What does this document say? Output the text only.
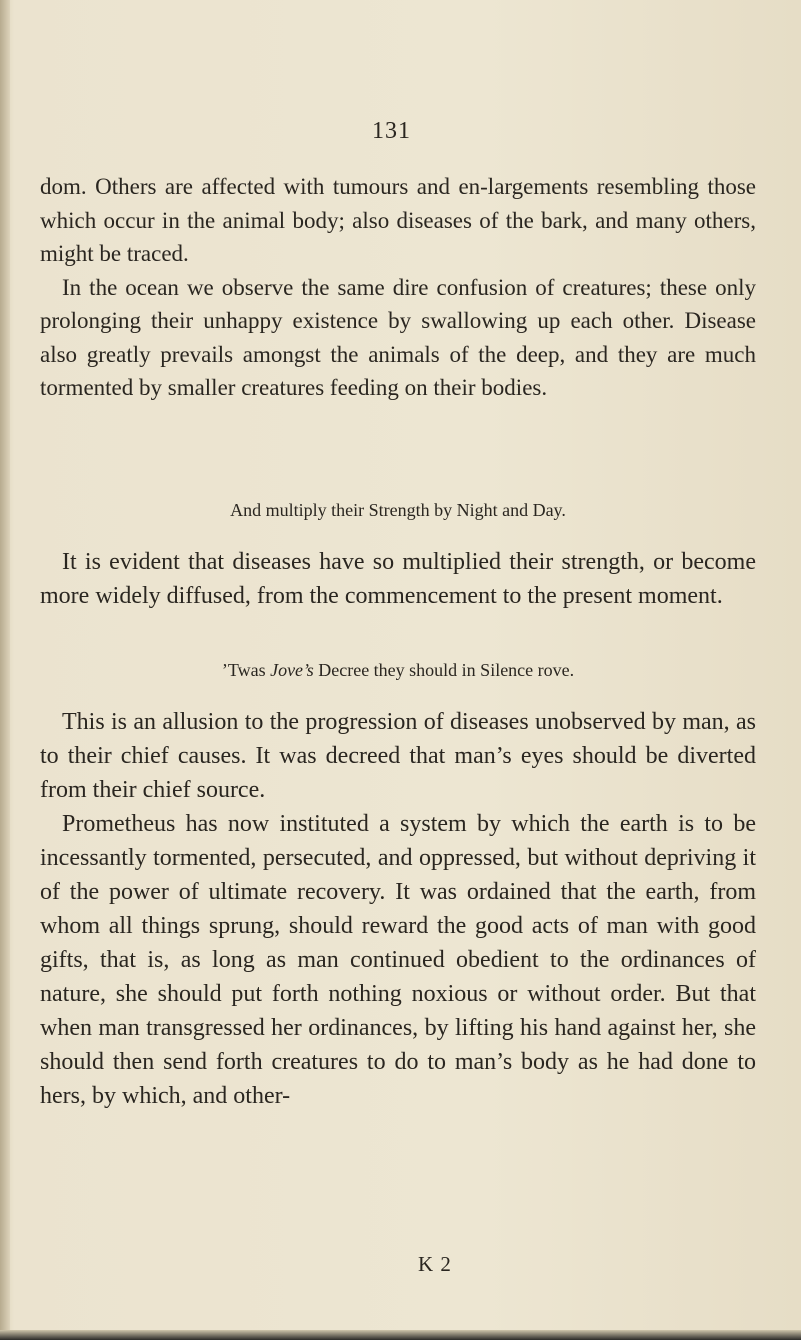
131

dom. Others are affected with tumours and en-largements resembling those which occur in the animal body; also diseases of the bark, and many others, might be traced.

In the ocean we observe the same dire confusion of creatures; these only prolonging their unhappy existence by swallowing up each other. Disease also greatly prevails amongst the animals of the deep, and they are much tormented by smaller creatures feeding on their bodies.

And multiply their Strength by Night and Day.

It is evident that diseases have so multiplied their strength, or become more widely diffused, from the commencement to the present moment.

’Twas Jove’s Decree they should in Silence rove.

This is an allusion to the progression of diseases unobserved by man, as to their chief causes. It was decreed that man’s eyes should be diverted from their chief source.

Prometheus has now instituted a system by which the earth is to be incessantly tormented, persecuted, and oppressed, but without depriving it of the power of ultimate recovery. It was ordained that the earth, from whom all things sprung, should reward the good acts of man with good gifts, that is, as long as man continued obedient to the ordinances of nature, she should put forth nothing noxious or without order. But that when man transgressed her ordinances, by lifting his hand against her, she should then send forth creatures to do to man’s body as he had done to hers, by which, and other-

K 2
